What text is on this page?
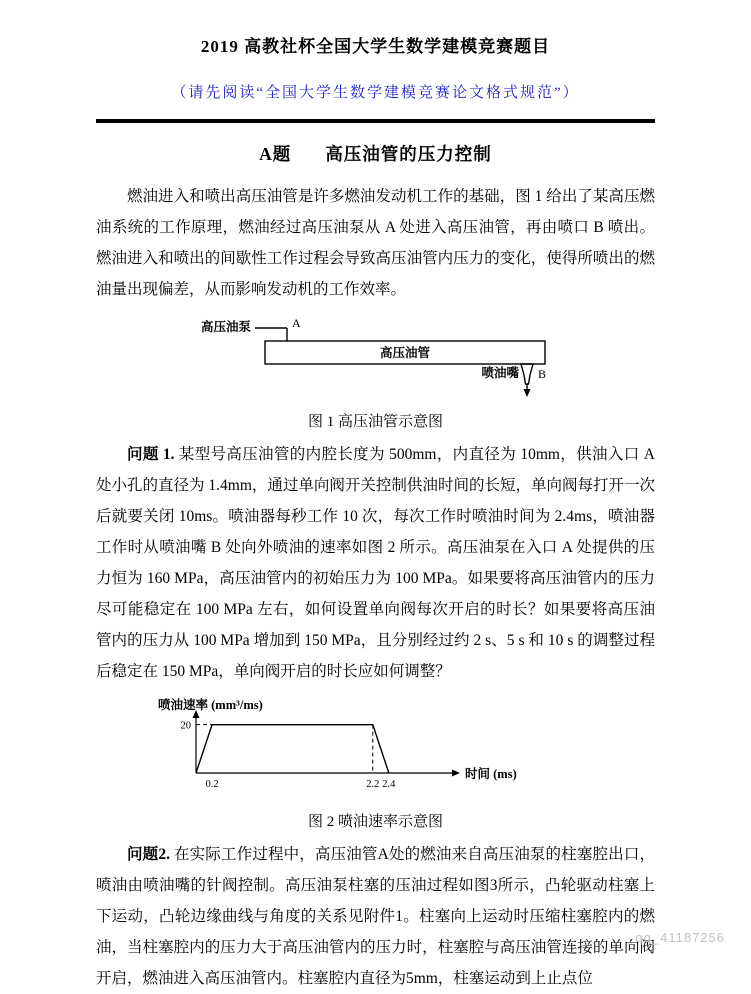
2019 高教社杯全国大学生数学建模竞赛题目
（请先阅读“全国大学生数学建模竞赛论文格式规范”）
A题 高压油管的压力控制

燃油进入和喷出高压油管是许多燃油发动机工作的基础，图 1 给出了某高压燃油系统的工作原理，燃油经过高压油泵从 A 处进入高压油管，再由喷口 B 喷出。燃油进入和喷出的间歇性工作过程会导致高压油管内压力的变化，使得所喷出的燃油量出现偏差，从而影响发动机的工作效率。

高压油泵	A
高压油管
喷油嘴 B
图 1 高压油管示意图

问题 1. 某型号高压油管的内腔长度为 500mm，内直径为 10mm，供油入口 A 处小孔的直径为 1.4mm，通过单向阀开关控制供油时间的长短，单向阀每打开一次后就要关闭 10ms。喷油器每秒工作 10 次，每次工作时喷油时间为 2.4ms，喷油器工作时从喷油嘴 B 处向外喷油的速率如图 2 所示。高压油泵在入口 A 处提供的压力恒为 160 MPa，高压油管内的初始压力为 100 MPa。如果要将高压油管内的压力尽可能稳定在 100 MPa 左右，如何设置单向阀每次开启的时长？如果要将高压油管内的压力从 100 MPa 增加到 150 MPa，且分别经过约 2 s、5 s 和 10 s 的调整过程后稳定在 150 MPa，单向阀开启的时长应如何调整？

0.2	2.2 2.4
20
喷油速率 (mm³/ms)
时间 (ms)
图 2 喷油速率示意图

问题2. 在实际工作过程中，高压油管A处的燃油来自高压油泵的柱塞腔出口，喷油由喷油嘴的针阀控制。高压油泵柱塞的压油过程如图3所示，凸轮驱动柱塞上下运动，凸轮边缘曲线与角度的关系见附件1。柱塞向上运动时压缩柱塞腔内的燃油，当柱塞腔内的压力大于高压油管内的压力时，柱塞腔与高压油管连接的单向阀开启，燃油进入高压油管内。柱塞腔内直径为5mm，柱塞运动到上止点位

qq_41187256
